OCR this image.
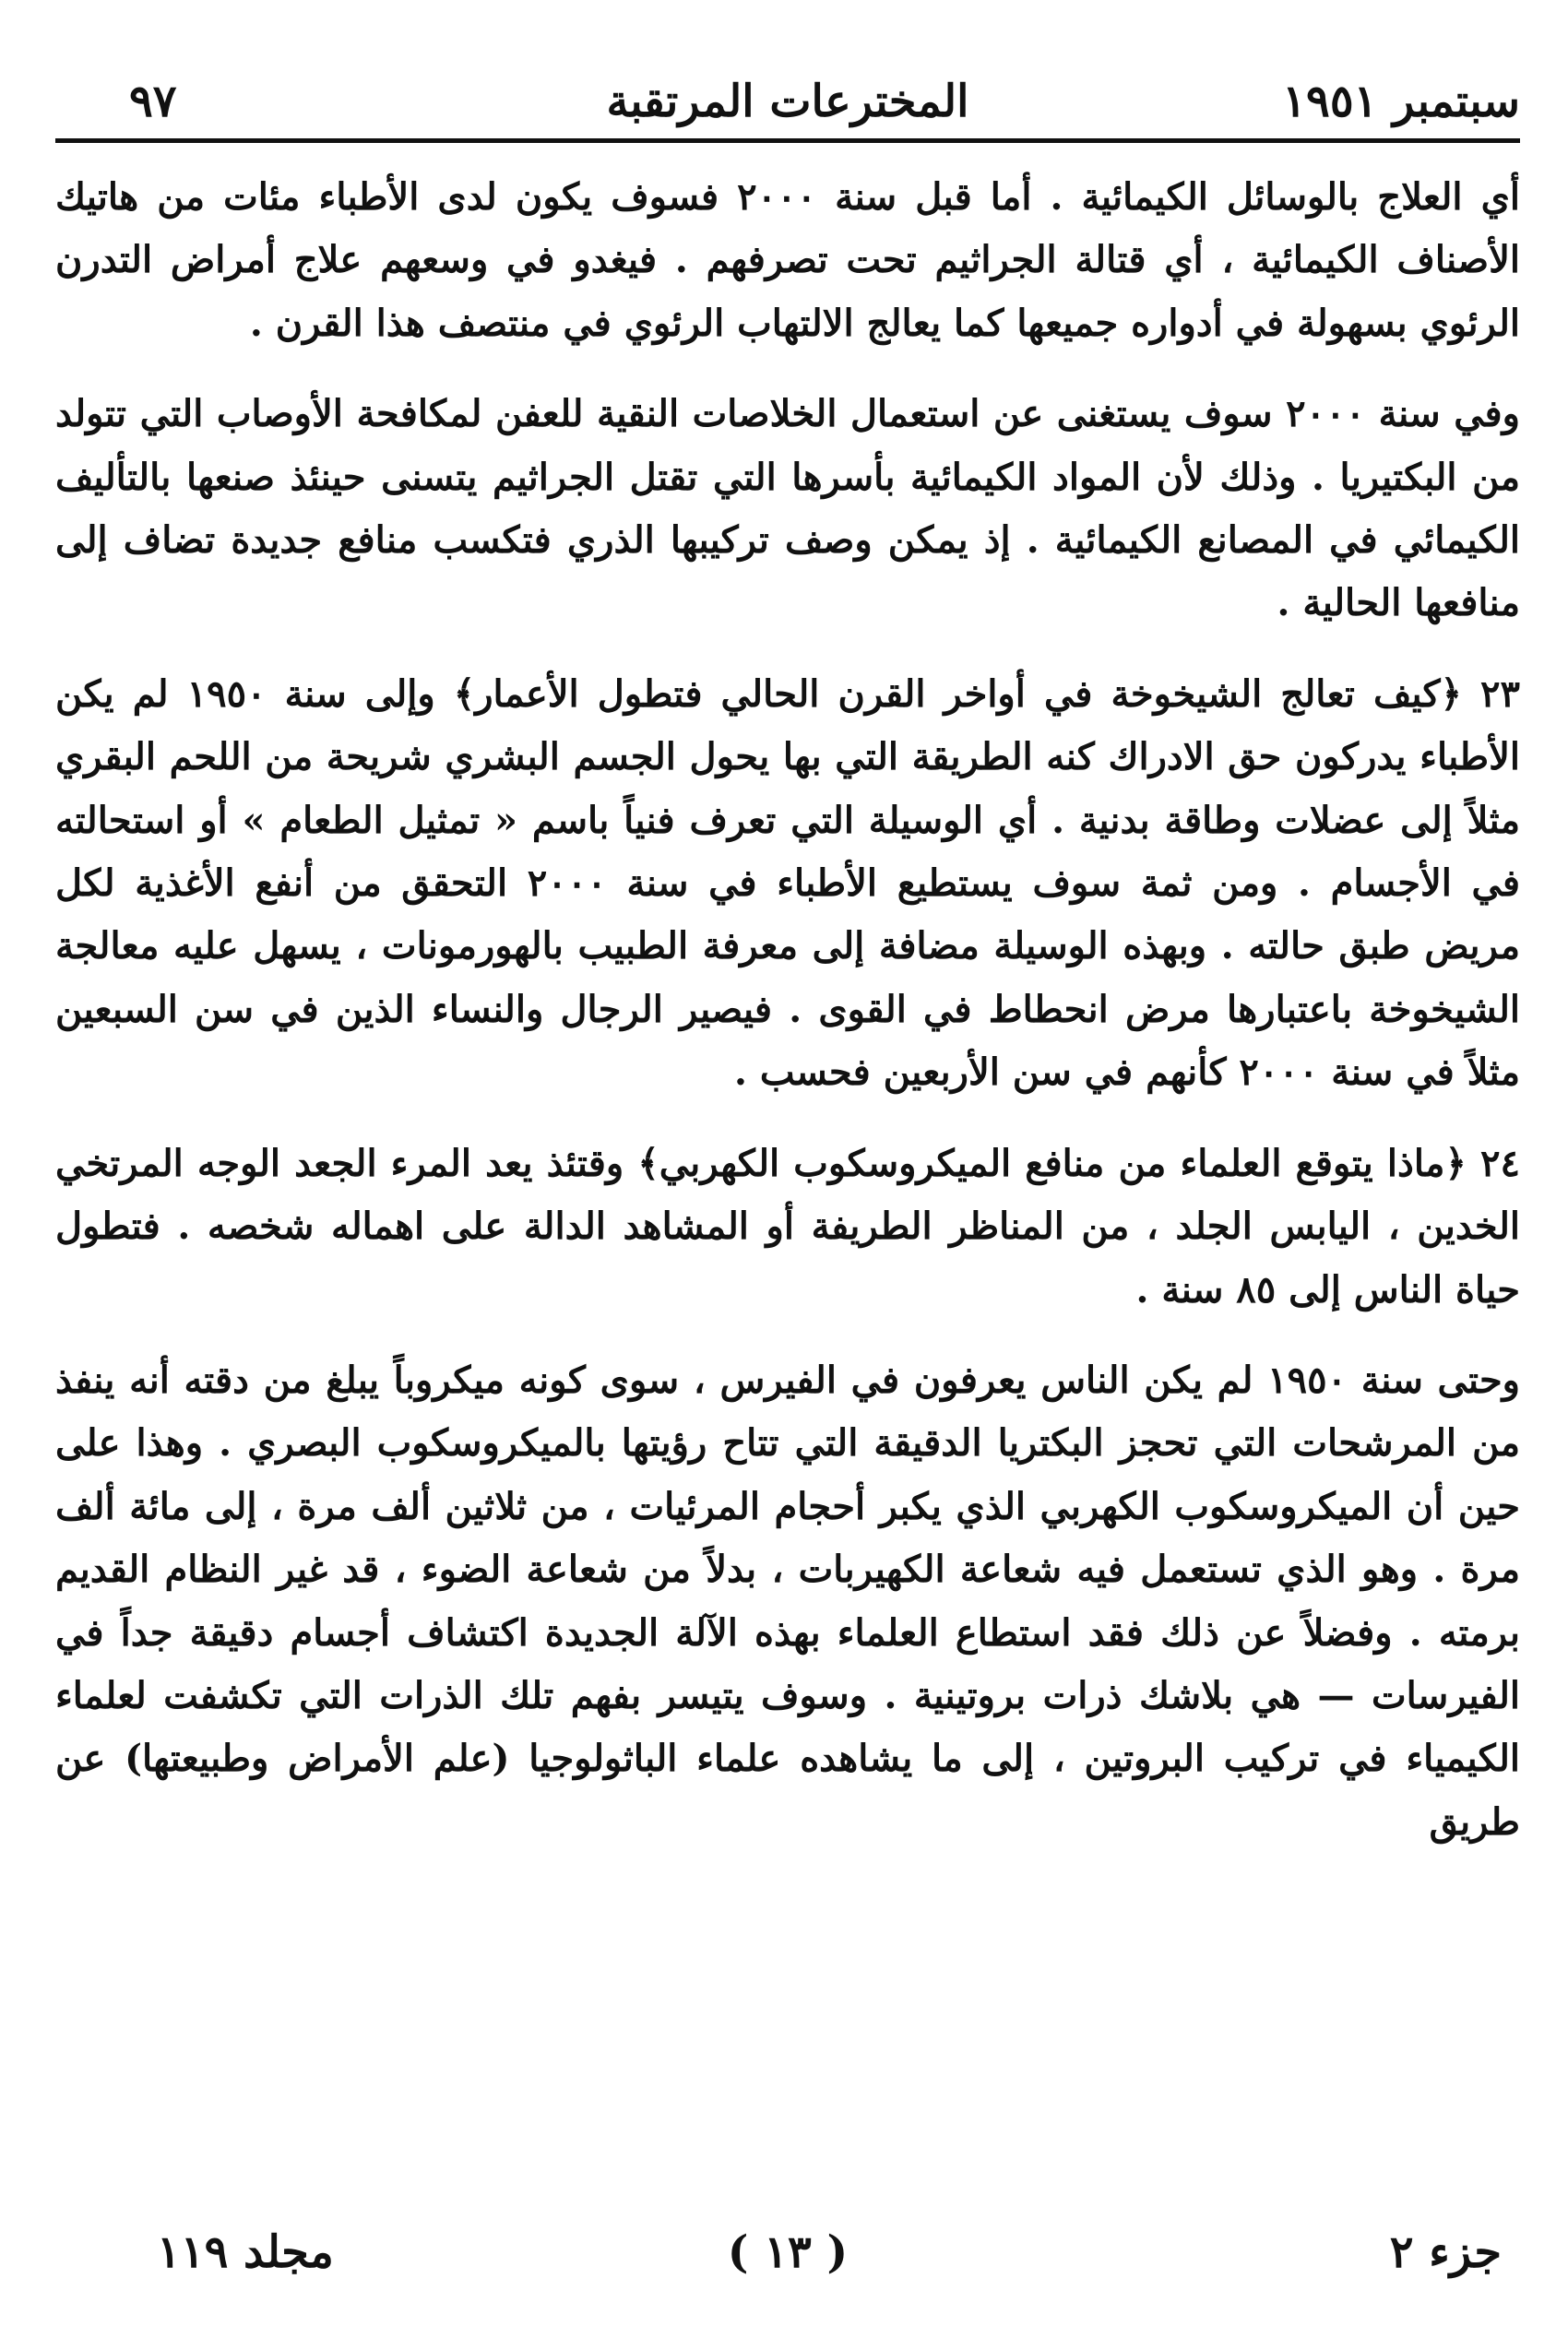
سبتمبر ١٩٥١
المخترعات المرتقبة
٩٧

أي العلاج بالوسائل الكيمائية . أما قبل سنة ٢٠٠٠ فسوف يكون لدى الأطباء مئات من هاتيك الأصناف الكيمائية ، أي قتالة الجراثيم تحت تصرفهم . فيغدو في وسعهم علاج أمراض التدرن الرئوي بسهولة في أدواره جميعها كما يعالج الالتهاب الرئوي في منتصف هذا القرن .

وفي سنة ٢٠٠٠ سوف يستغنى عن استعمال الخلاصات النقية للعفن لمكافحة الأوصاب التي تتولد من البكتيريا . وذلك لأن المواد الكيمائية بأسرها التي تقتل الجراثيم يتسنى حينئذ صنعها بالتأليف الكيمائي في المصانع الكيمائية . إذ يمكن وصف تركيبها الذري فتكسب منافع جديدة تضاف إلى منافعها الحالية .

٢٣ ﴿كيف تعالج الشيخوخة في أواخر القرن الحالي فتطول الأعمار﴾ وإلى سنة ١٩٥٠ لم يكن الأطباء يدركون حق الادراك كنه الطريقة التي بها يحول الجسم البشري شريحة من اللحم البقري مثلاً إلى عضلات وطاقة بدنية . أي الوسيلة التي تعرف فنياً باسم « تمثيل الطعام » أو استحالته في الأجسام . ومن ثمة سوف يستطيع الأطباء في سنة ٢٠٠٠ التحقق من أنفع الأغذية لكل مريض طبق حالته . وبهذه الوسيلة مضافة إلى معرفة الطبيب بالهورمونات ، يسهل عليه معالجة الشيخوخة باعتبارها مرض انحطاط في القوى . فيصير الرجال والنساء الذين في سن السبعين مثلاً في سنة ٢٠٠٠ كأنهم في سن الأربعين فحسب .

٢٤ ﴿ماذا يتوقع العلماء من منافع الميكروسكوب الكهربي﴾ وقتئذ يعد المرء الجعد الوجه المرتخي الخدين ، اليابس الجلد ، من المناظر الطريفة أو المشاهد الدالة على اهماله شخصه . فتطول حياة الناس إلى ٨٥ سنة .

وحتى سنة ١٩٥٠ لم يكن الناس يعرفون في الفيرس ، سوى كونه ميكروباً يبلغ من دقته أنه ينفذ من المرشحات التي تحجز البكتريا الدقيقة التي تتاح رؤيتها بالميكروسكوب البصري . وهذا على حين أن الميكروسكوب الكهربي الذي يكبر أحجام المرئيات ، من ثلاثين ألف مرة ، إلى مائة ألف مرة . وهو الذي تستعمل فيه شعاعة الكهيربات ، بدلاً من شعاعة الضوء ، قد غير النظام القديم برمته . وفضلاً عن ذلك فقد استطاع العلماء بهذه الآلة الجديدة اكتشاف أجسام دقيقة جداً في الفيرسات — هي بلاشك ذرات بروتينية . وسوف يتيسر بفهم تلك الذرات التي تكشفت لعلماء الكيمياء في تركيب البروتين ، إلى ما يشاهده علماء الباثولوجيا (علم الأمراض وطبيعتها) عن طريق

جزء ٢
( ١٣ )
مجلد ١١٩
